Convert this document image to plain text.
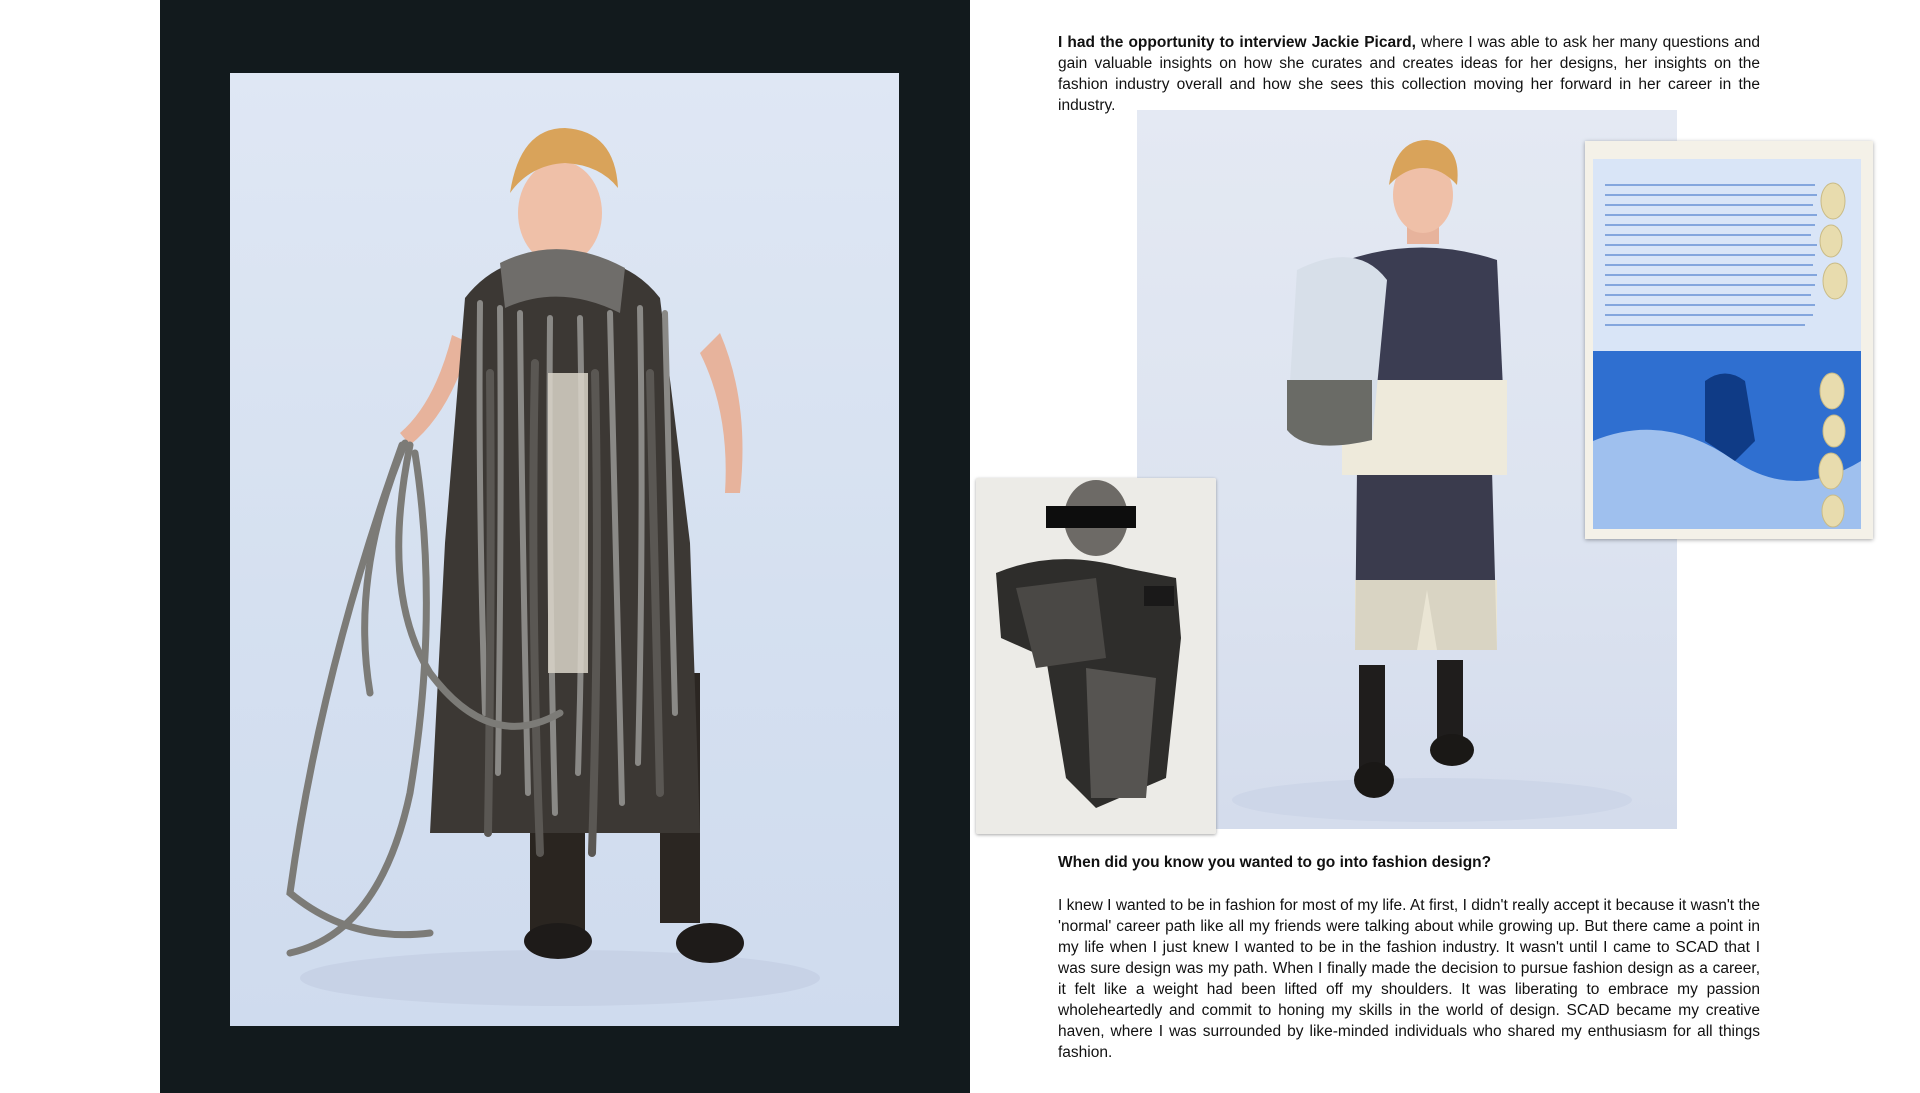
I had the opportunity to interview Jackie Picard, where I was able to ask her many questions and gain valuable insights on how she curates and creates ideas for her designs, her insights on the fashion industry overall and how she sees this collection moving her forward in her career in the industry.
When did you know you wanted to go into fashion design?
I knew I wanted to be in fashion for most of my life. At first, I didn't really accept it because it wasn't the 'normal' career path like all my friends were talking about while growing up. But there came a point in my life when I just knew I wanted to be in the fashion industry. It wasn't until I came to SCAD that I was sure design was my path. When I finally made the decision to pursue fashion design as a career, it felt like a weight had been lifted off my shoulders. It was liberating to embrace my passion wholeheartedly and commit to honing my skills in the world of design. SCAD became my creative haven, where I was surrounded by like-minded individuals who shared my enthusiasm for all things fashion.
